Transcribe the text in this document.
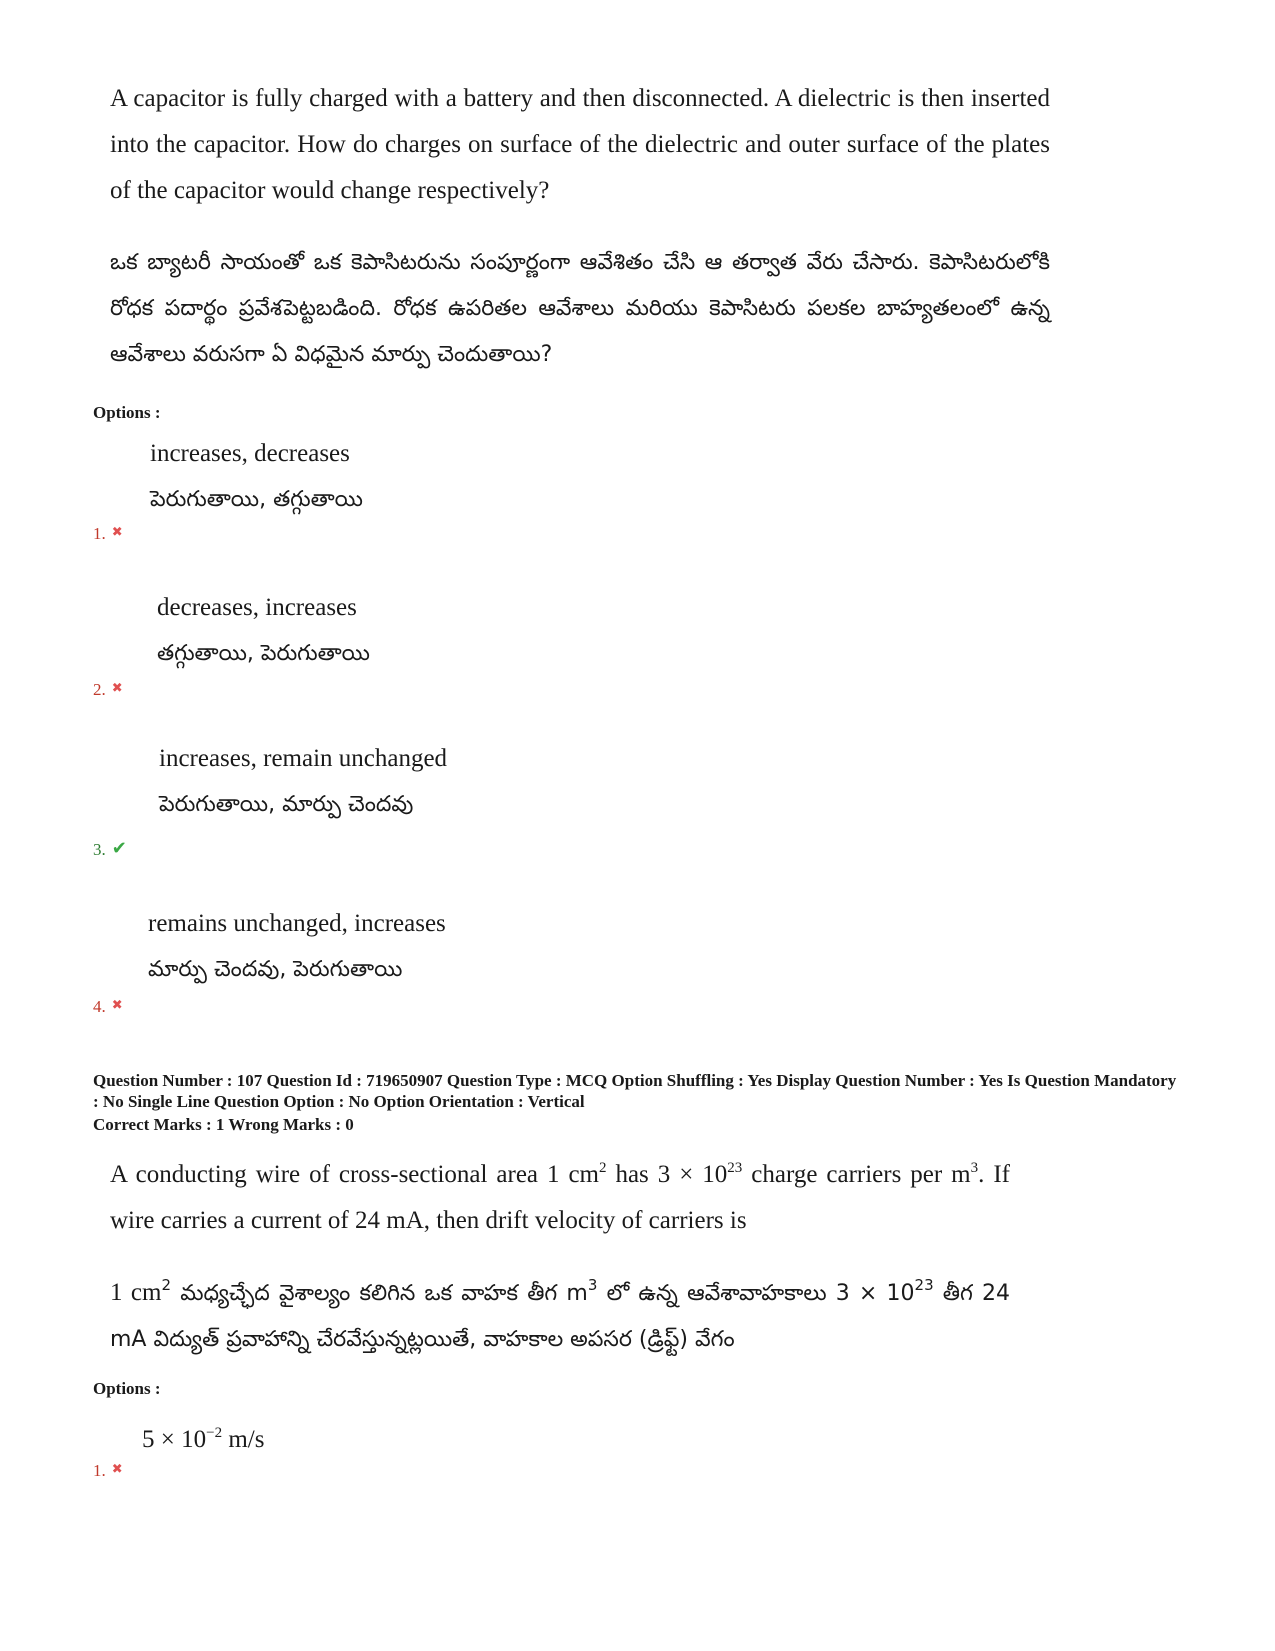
A capacitor is fully charged with a battery and then disconnected. A dielectric is then inserted into the capacitor. How do charges on surface of the dielectric and outer surface of the plates of the capacitor would change respectively?
ఒక బ్యాటరీ సాయంతో ఒక కెపాసిటరును సంపూర్ణంగా ఆవేశితం చేసి ఆ తర్వాత వేరు చేసారు. కెపాసిటరులోకి రోధక పదార్థం ప్రవేశపెట్టబడింది. రోధక ఉపరితల ఆవేశాలు మరియు కెపాసిటరు పలకల బాహ్యతలంలో ఉన్న ఆవేశాలు వరుసగా ఏ విధమైన మార్పు చెందుతాయి?
Options :
increases, decreases
పెరుగుతాయి, తగ్గుతాయి
1. ✖
decreases, increases
తగ్గుతాయి, పెరుగుతాయి
2. ✖
increases, remain unchanged
పెరుగుతాయి, మార్పు చెందవు
3. ✔
remains unchanged, increases
మార్పు చెందవు, పెరుగుతాయి
4. ✖
Question Number : 107 Question Id : 719650907 Question Type : MCQ Option Shuffling : Yes Display Question Number : Yes Is Question Mandatory : No Single Line Question Option : No Option Orientation : Vertical
Correct Marks : 1 Wrong Marks : 0
A conducting wire of cross-sectional area 1 $cm^2$ has $3 \times 10^{23}$ charge carriers per $m^3$. If wire carries a current of 24 mA, then drift velocity of carriers is
1 $cm^2$ మధ్యచ్ఛేద వైశాల్యం కలిగిన ఒక వాహక తీగ $m^3$ లో ఉన్న ఆవేశావాహకాలు $3 \times 10^{23}$ తీగ 24 mA విద్యుత్ ప్రవాహాన్ని చేరవేస్తున్నట్లయితే, వాహకాల అపసర (డ్రిఫ్ట్) వేగం
Options :
$5 \times 10^{-2}$ m/s
1. ✖
